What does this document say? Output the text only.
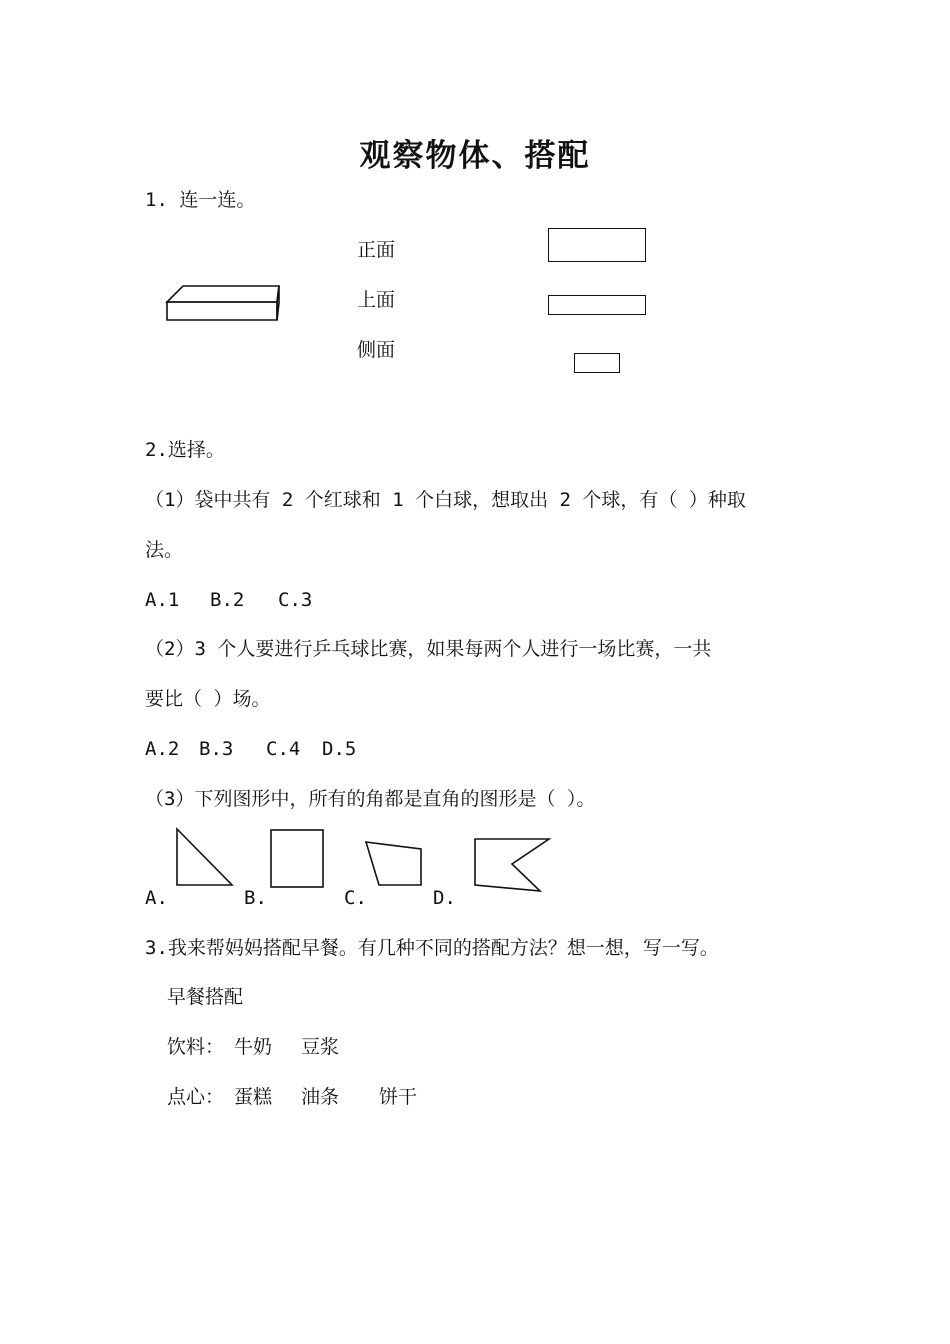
观察物体、搭配
1. 连一连。
正面
上面
侧面
2.选择。
（1）袋中共有 2 个红球和 1 个白球，想取出 2 个球，有（ ）种取
法。
A.1 B.2 C.3
（2）3 个人要进行乒乓球比赛，如果每两个人进行一场比赛，一共
要比（ ）场。
A.2 B.3 C.4 D.5
（3）下列图形中，所有的角都是直角的图形是（ ）。
A.	B.	C.	D.
3.我来帮妈妈搭配早餐。有几种不同的搭配方法？想一想，写一写。
早餐搭配
饮料： 牛奶 豆浆
点心： 蛋糕 油条 饼干
